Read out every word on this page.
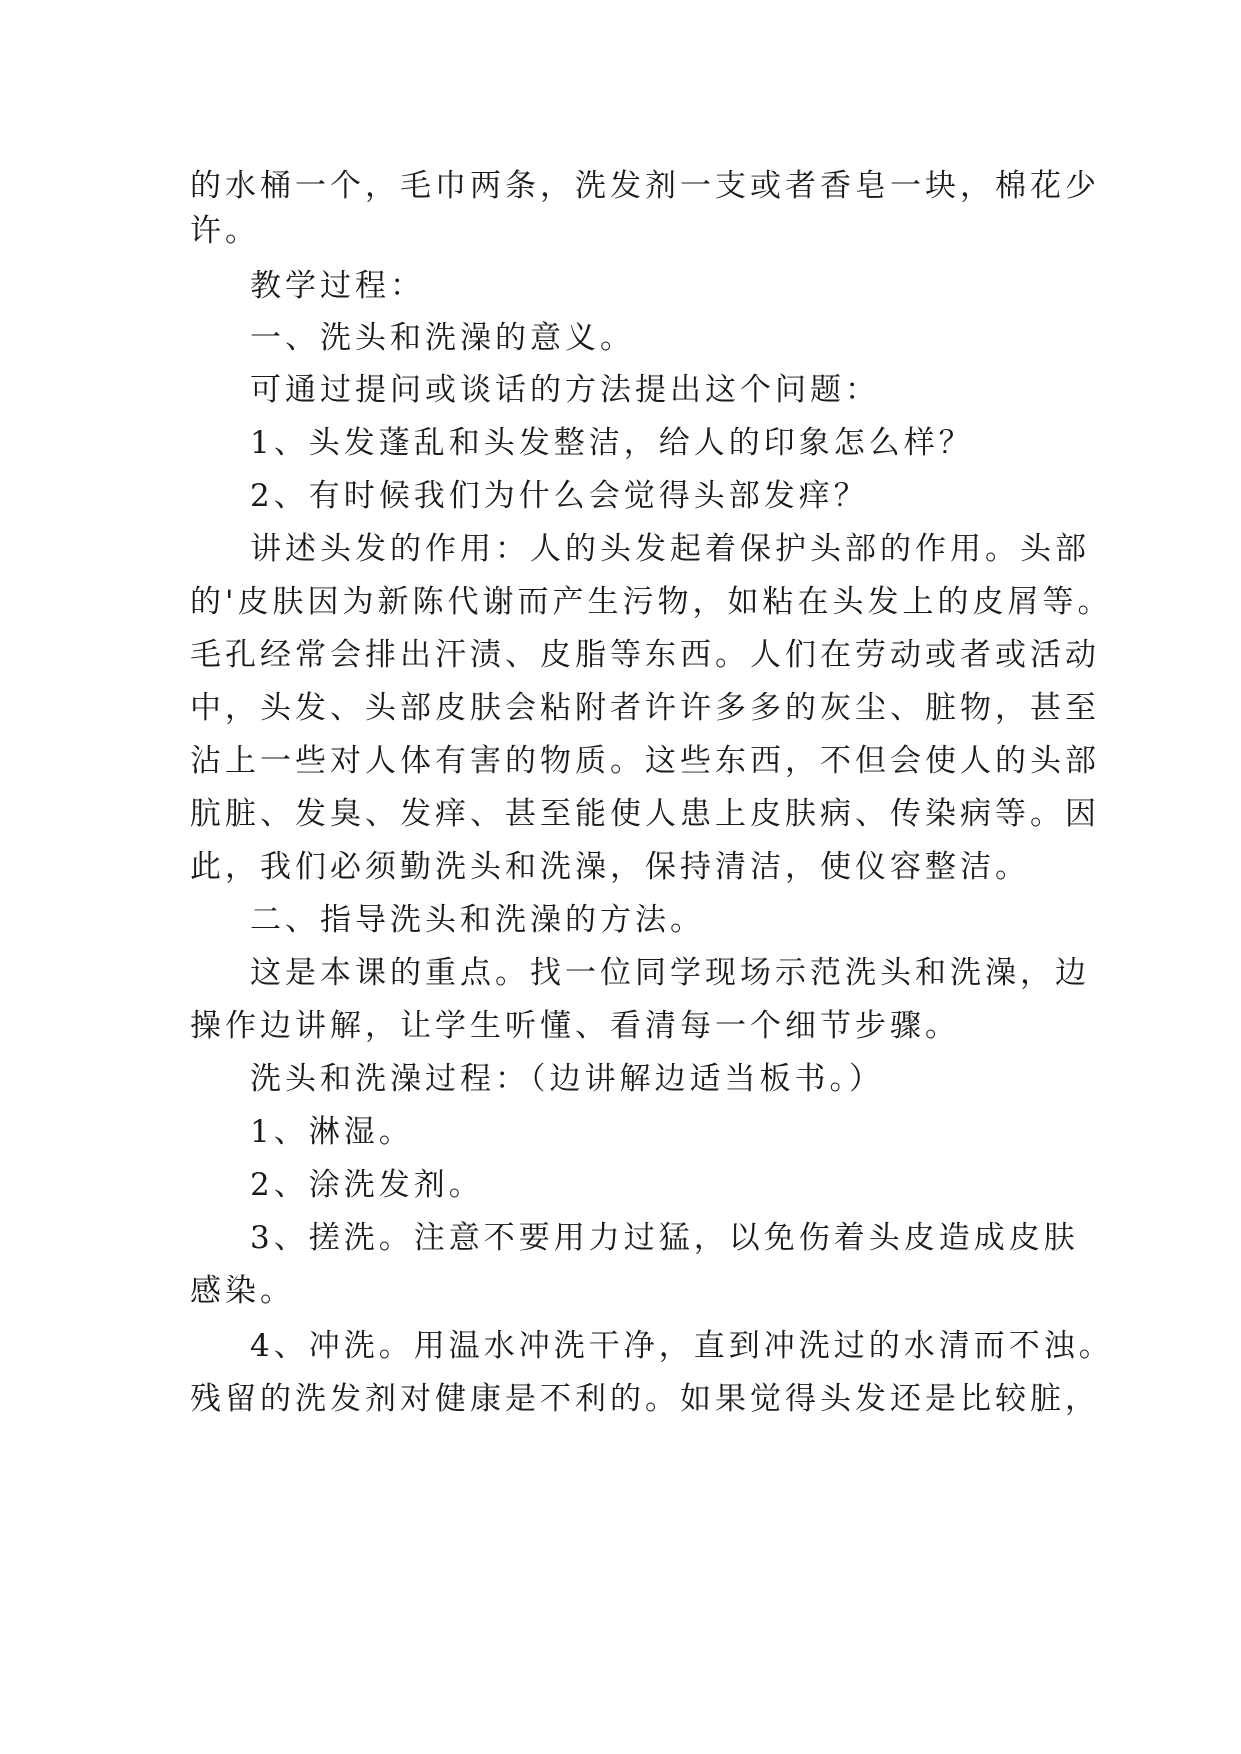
的水桶一个，毛巾两条，洗发剂一支或者香皂一块，棉花少
许。
教学过程：
一、洗头和洗澡的意义。
可通过提问或谈话的方法提出这个问题：
1、头发蓬乱和头发整洁，给人的印象怎么样？
2、有时候我们为什么会觉得头部发痒？
讲述头发的作用：人的头发起着保护头部的作用。头部
的'皮肤因为新陈代谢而产生污物，如粘在头发上的皮屑等。
毛孔经常会排出汗渍、皮脂等东西。人们在劳动或者或活动
中，头发、头部皮肤会粘附者许许多多的灰尘、脏物，甚至
沾上一些对人体有害的物质。这些东西，不但会使人的头部
肮脏、发臭、发痒、甚至能使人患上皮肤病、传染病等。因
此，我们必须勤洗头和洗澡，保持清洁，使仪容整洁。
二、指导洗头和洗澡的方法。
这是本课的重点。找一位同学现场示范洗头和洗澡，边
操作边讲解，让学生听懂、看清每一个细节步骤。
洗头和洗澡过程：（边讲解边适当板书。）
1、淋湿。
2、涂洗发剂。
3、搓洗。注意不要用力过猛，以免伤着头皮造成皮肤
感染。
4、冲洗。用温水冲洗干净，直到冲洗过的水清而不浊。
残留的洗发剂对健康是不利的。如果觉得头发还是比较脏，
